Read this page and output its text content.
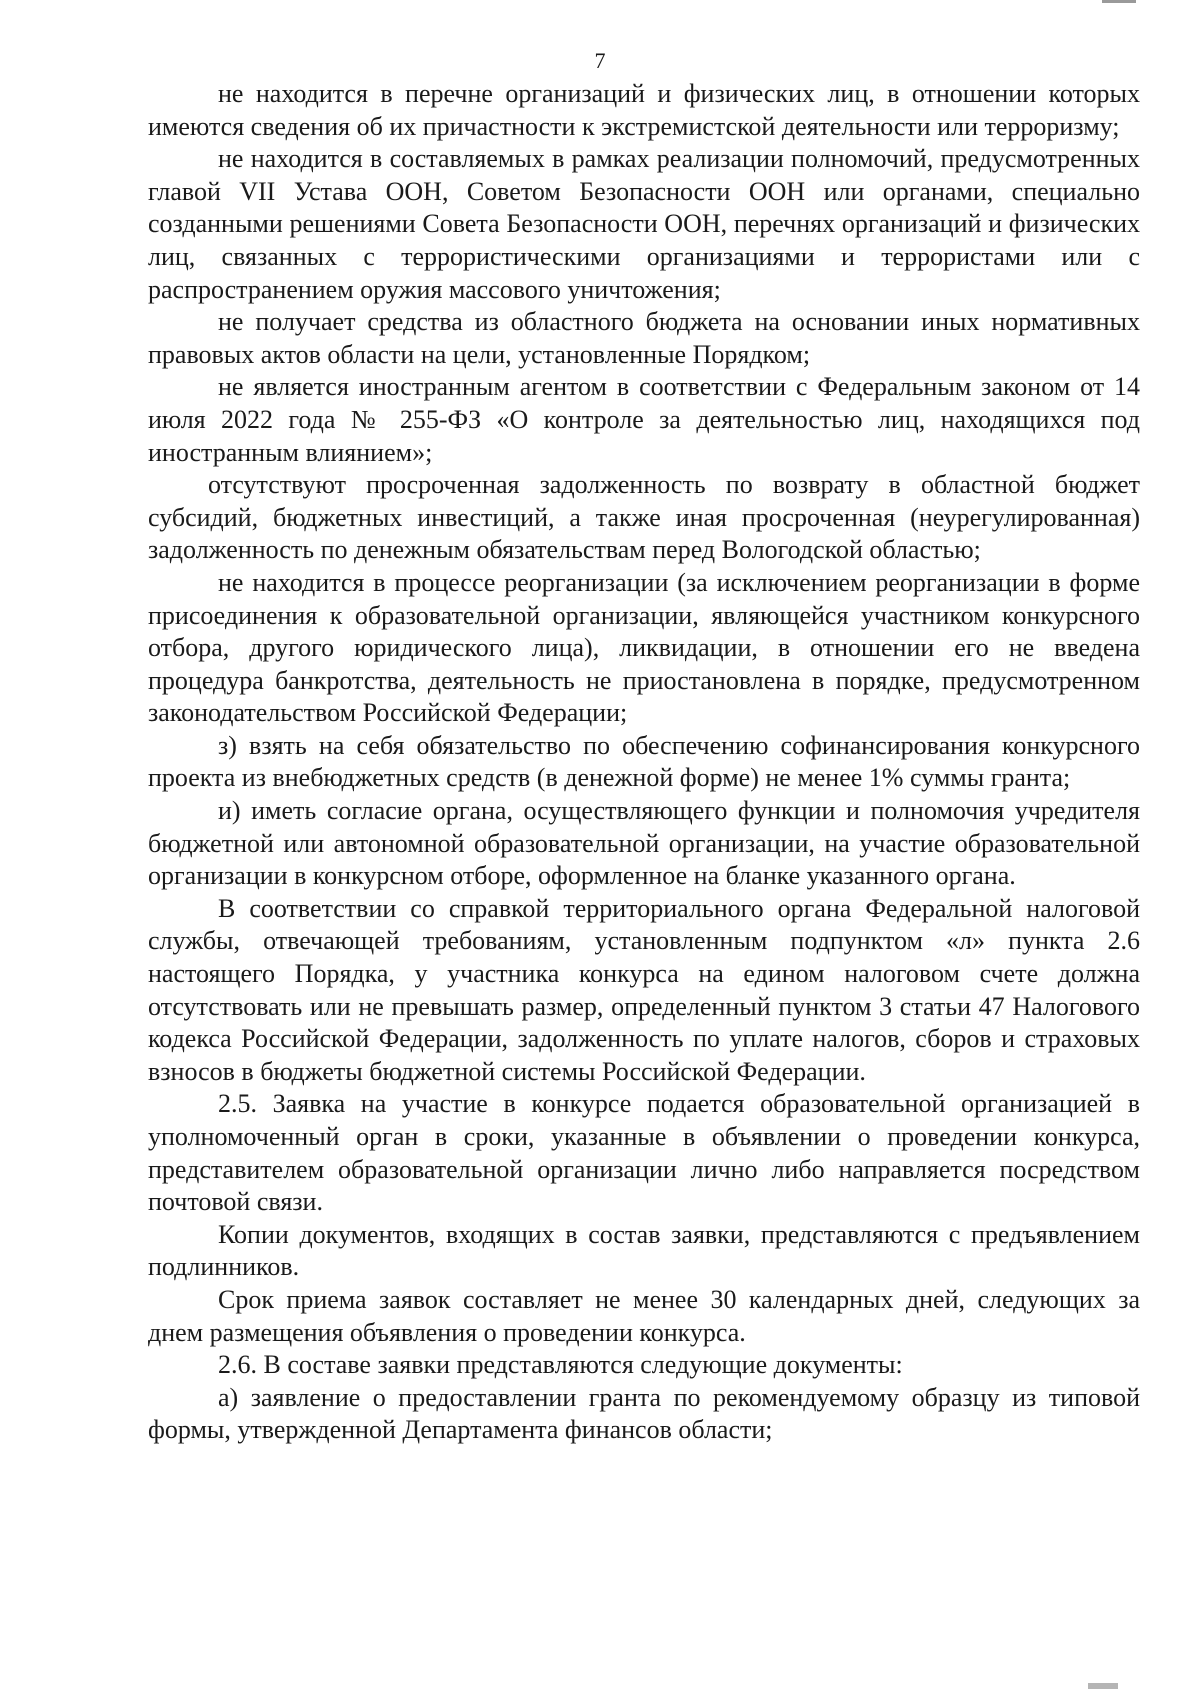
7

не находится в перечне организаций и физических лиц, в отношении которых имеются сведения об их причастности к экстремистской деятельности или терроризму;

не находится в составляемых в рамках реализации полномочий, предусмотренных главой VII Устава ООН, Советом Безопасности ООН или органами, специально созданными решениями Совета Безопасности ООН, перечнях организаций и физических лиц, связанных с террористическими организациями и террористами или с распространением оружия массового уничтожения;

не получает средства из областного бюджета на основании иных нормативных правовых актов области на цели, установленные Порядком;

не является иностранным агентом в соответствии с Федеральным законом от 14 июля 2022 года № 255-ФЗ «О контроле за деятельностью лиц, находящихся под иностранным влиянием»;

отсутствуют просроченная задолженность по возврату в областной бюджет субсидий, бюджетных инвестиций, а также иная просроченная (неурегулированная) задолженность по денежным обязательствам перед Вологодской областью;

не находится в процессе реорганизации (за исключением реорганизации в форме присоединения к образовательной организации, являющейся участником конкурсного отбора, другого юридического лица), ликвидации, в отношении его не введена процедура банкротства, деятельность не приостановлена в порядке, предусмотренном законодательством Российской Федерации;

з) взять на себя обязательство по обеспечению софинансирования конкурсного проекта из внебюджетных средств (в денежной форме) не менее 1% суммы гранта;

и) иметь согласие органа, осуществляющего функции и полномочия учредителя бюджетной или автономной образовательной организации, на участие образовательной организации в конкурсном отборе, оформленное на бланке указанного органа.

В соответствии со справкой территориального органа Федеральной налоговой службы, отвечающей требованиям, установленным подпунктом «л» пункта 2.6 настоящего Порядка, у участника конкурса на едином налоговом счете должна отсутствовать или не превышать размер, определенный пунктом 3 статьи 47 Налогового кодекса Российской Федерации, задолженность по уплате налогов, сборов и страховых взносов в бюджеты бюджетной системы Российской Федерации.

2.5. Заявка на участие в конкурсе подается образовательной организацией в уполномоченный орган в сроки, указанные в объявлении о проведении конкурса, представителем образовательной организации лично либо направляется посредством почтовой связи.

Копии документов, входящих в состав заявки, представляются с предъявлением подлинников.

Срок приема заявок составляет не менее 30 календарных дней, следующих за днем размещения объявления о проведении конкурса.

2.6. В составе заявки представляются следующие документы:

а) заявление о предоставлении гранта по рекомендуемому образцу из типовой формы, утвержденной Департамента финансов области;
